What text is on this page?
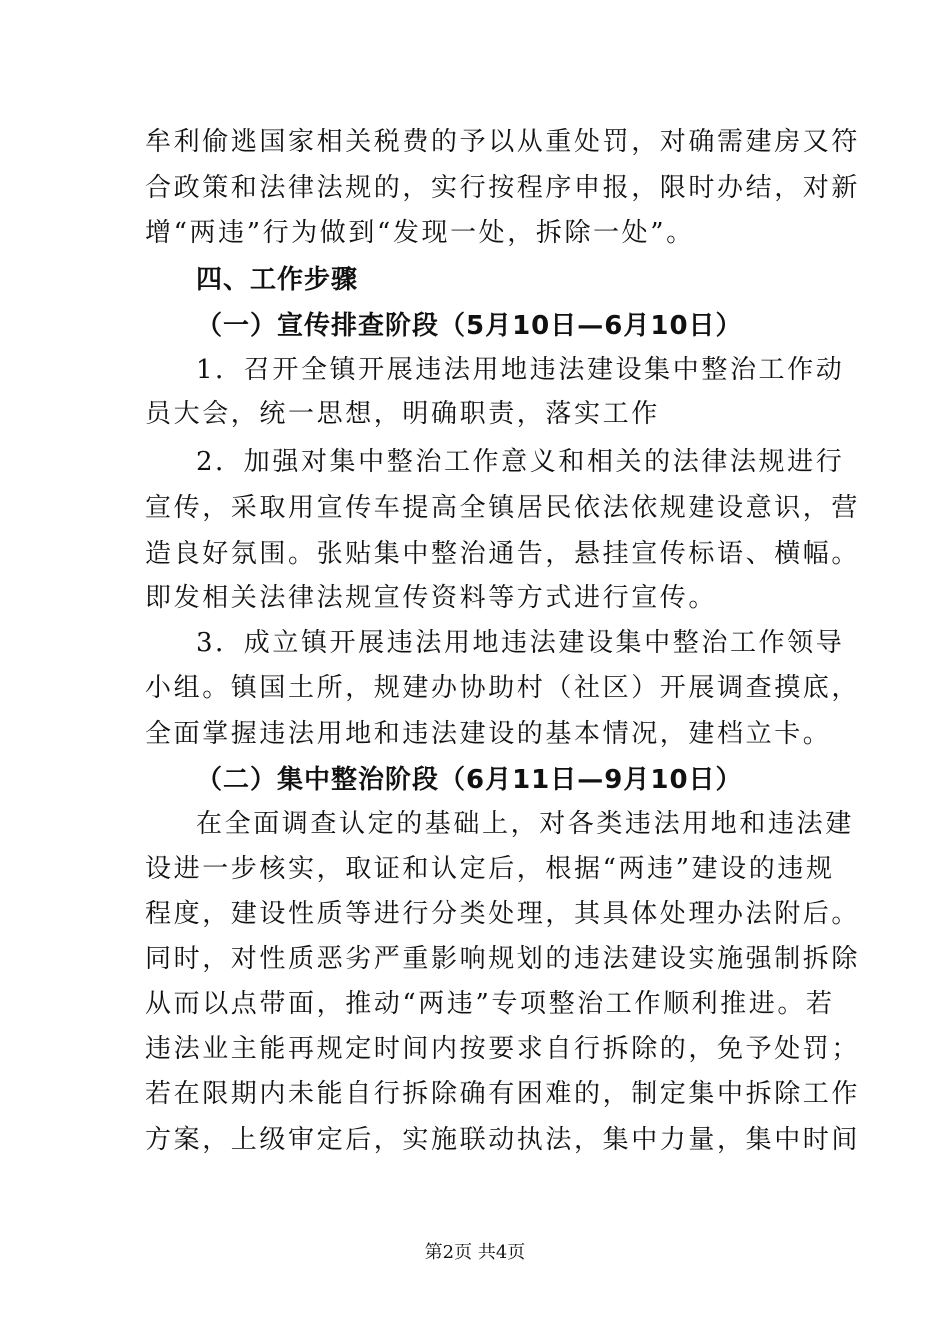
牟利偷逃国家相关税费的予以从重处罚，对确需建房又符
合政策和法律法规的，实行按程序申报，限时办结，对新
增“两违”行为做到“发现一处，拆除一处”。
四、工作步骤
（一）宣传排查阶段（5月10日—6月10日）
1．召开全镇开展违法用地违法建设集中整治工作动
员大会，统一思想，明确职责，落实工作
2．加强对集中整治工作意义和相关的法律法规进行
宣传，采取用宣传车提高全镇居民依法依规建设意识，营
造良好氛围。张贴集中整治通告，悬挂宣传标语、横幅。
即发相关法律法规宣传资料等方式进行宣传。
3．成立镇开展违法用地违法建设集中整治工作领导
小组。镇国土所，规建办协助村（社区）开展调查摸底，
全面掌握违法用地和违法建设的基本情况，建档立卡。
（二）集中整治阶段（6月11日—9月10日）
在全面调查认定的基础上，对各类违法用地和违法建
设进一步核实，取证和认定后，根据“两违”建设的违规
程度，建设性质等进行分类处理，其具体处理办法附后。
同时，对性质恶劣严重影响规划的违法建设实施强制拆除
从而以点带面，推动“两违”专项整治工作顺利推进。若
违法业主能再规定时间内按要求自行拆除的，免予处罚；
若在限期内未能自行拆除确有困难的，制定集中拆除工作
方案，上级审定后，实施联动执法，集中力量，集中时间
第2页 共4页
